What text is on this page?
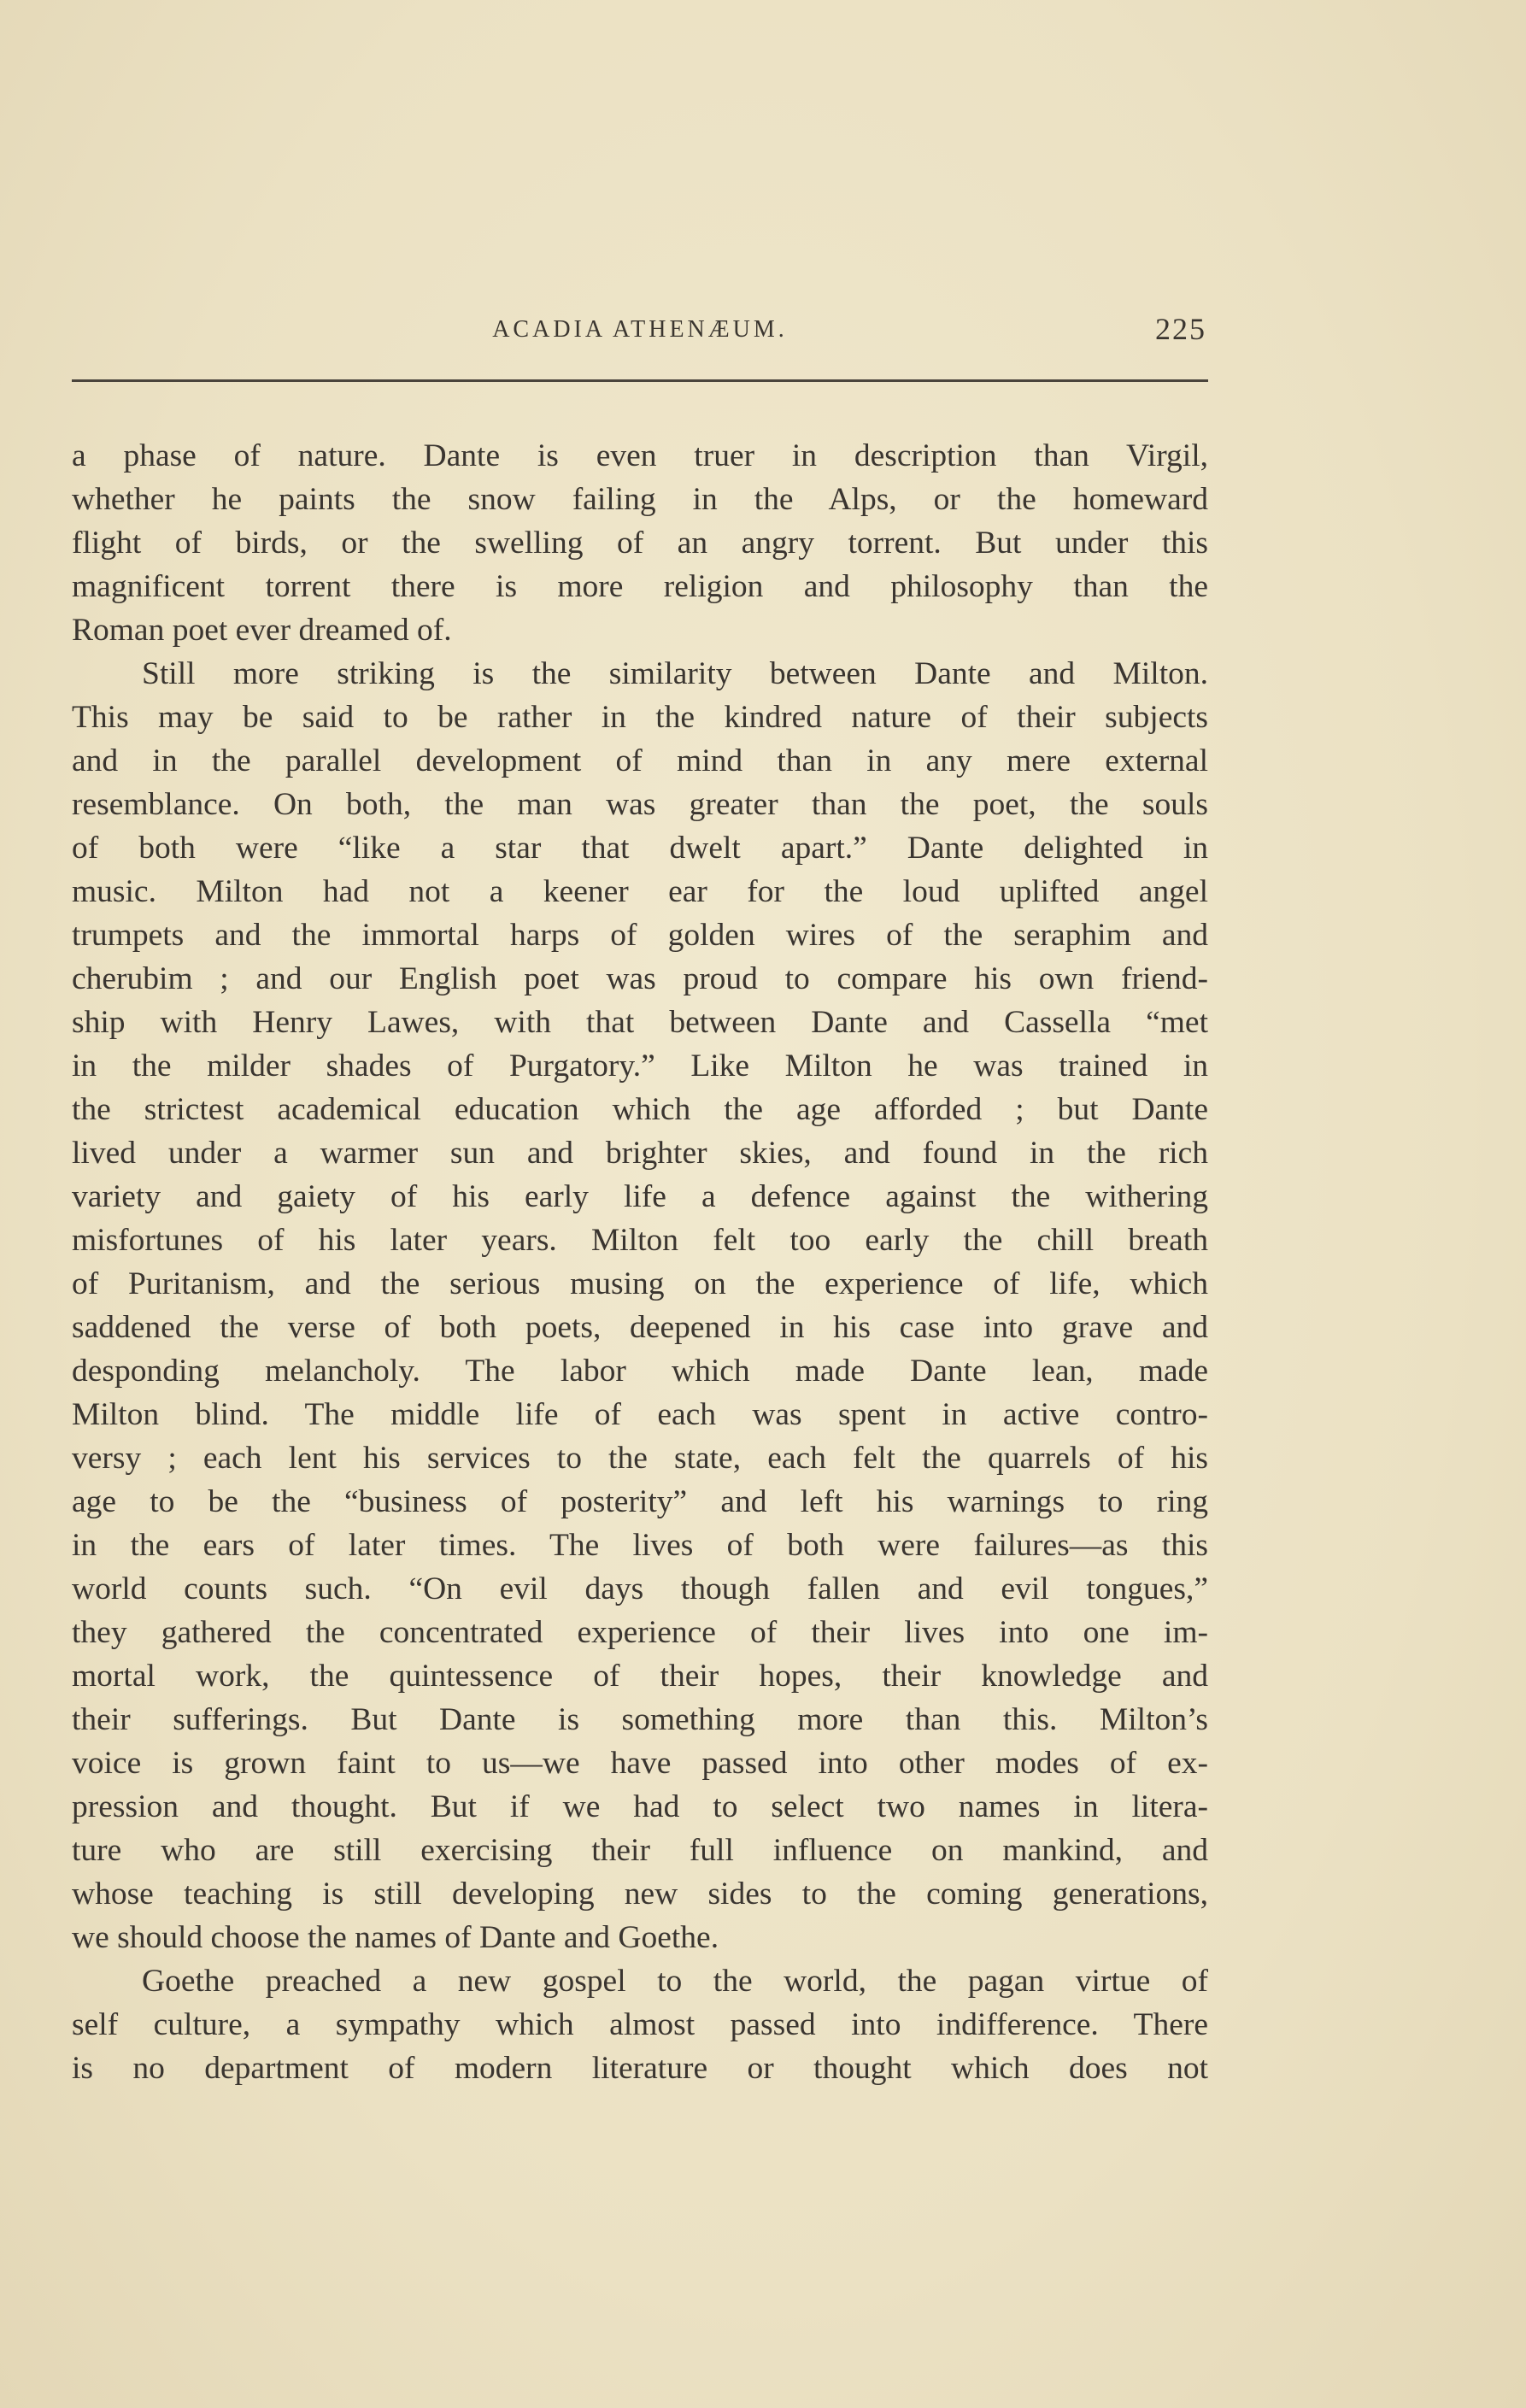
ACADIA ATHENÆUM.	225
a phase of nature. Dante is even truer in description than Virgil,
whether he paints the snow failing in the Alps, or the homeward
flight of birds, or the swelling of an angry torrent. But under this
magnificent torrent there is more religion and philosophy than the
Roman poet ever dreamed of.
Still more striking is the similarity between Dante and Milton.
This may be said to be rather in the kindred nature of their subjects
and in the parallel development of mind than in any mere external
resemblance. On both, the man was greater than the poet, the souls
of both were “like a star that dwelt apart.” Dante delighted in
music. Milton had not a keener ear for the loud uplifted angel
trumpets and the immortal harps of golden wires of the seraphim and
cherubim ; and our English poet was proud to compare his own friend-
ship with Henry Lawes, with that between Dante and Cassella “met
in the milder shades of Purgatory.” Like Milton he was trained in
the strictest academical education which the age afforded ; but Dante
lived under a warmer sun and brighter skies, and found in the rich
variety and gaiety of his early life a defence against the withering
misfortunes of his later years. Milton felt too early the chill breath
of Puritanism, and the serious musing on the experience of life, which
saddened the verse of both poets, deepened in his case into grave and
desponding melancholy. The labor which made Dante lean, made
Milton blind. The middle life of each was spent in active contro-
versy ; each lent his services to the state, each felt the quarrels of his
age to be the “business of posterity” and left his warnings to ring
in the ears of later times. The lives of both were failures—as this
world counts such. “On evil days though fallen and evil tongues,”
they gathered the concentrated experience of their lives into one im-
mortal work, the quintessence of their hopes, their knowledge and
their sufferings. But Dante is something more than this. Milton’s
voice is grown faint to us—we have passed into other modes of ex-
pression and thought. But if we had to select two names in litera-
ture who are still exercising their full influence on mankind, and
whose teaching is still developing new sides to the coming generations,
we should choose the names of Dante and Goethe.
Goethe preached a new gospel to the world, the pagan virtue of
self culture, a sympathy which almost passed into indifference. There
is no department of modern literature or thought which does not
